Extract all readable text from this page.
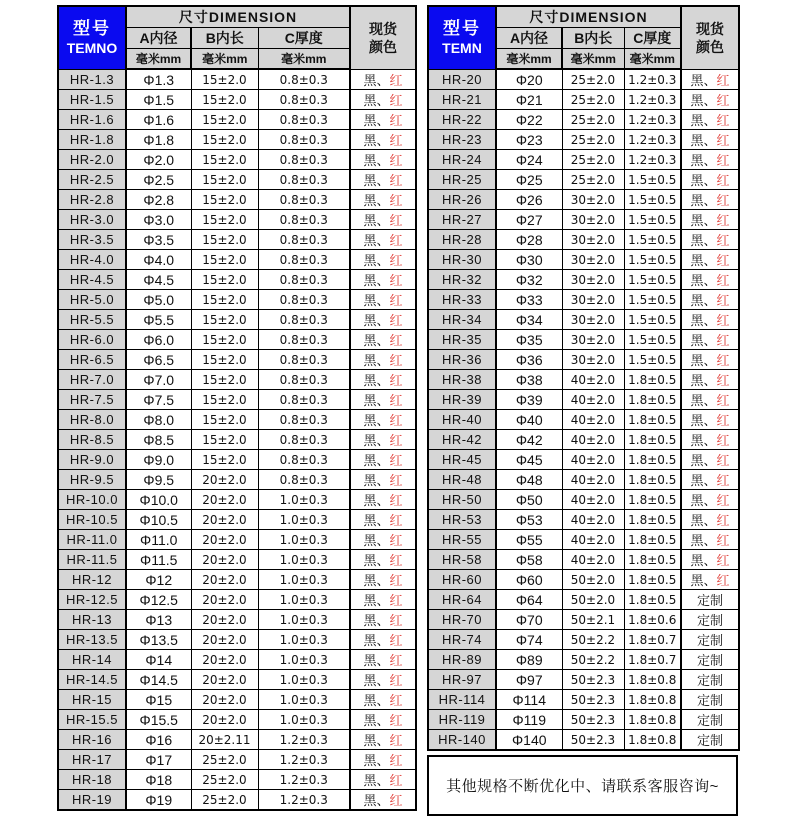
型号
TEMNO	尺寸DIMENSION			现货
颜色

	A内径	B内长	C厚度	
	毫米mm	毫米mm	毫米mm	
HR-1.3	Φ1.3	15±2.0	0.8±0.3	黑、红
HR-1.5	Φ1.5	15±2.0	0.8±0.3	黑、红
HR-1.6	Φ1.6	15±2.0	0.8±0.3	黑、红
HR-1.8	Φ1.8	15±2.0	0.8±0.3	黑、红
HR-2.0	Φ2.0	15±2.0	0.8±0.3	黑、红
HR-2.5	Φ2.5	15±2.0	0.8±0.3	黑、红
HR-2.8	Φ2.8	15±2.0	0.8±0.3	黑、红
HR-3.0	Φ3.0	15±2.0	0.8±0.3	黑、红
HR-3.5	Φ3.5	15±2.0	0.8±0.3	黑、红
HR-4.0	Φ4.0	15±2.0	0.8±0.3	黑、红
HR-4.5	Φ4.5	15±2.0	0.8±0.3	黑、红
HR-5.0	Φ5.0	15±2.0	0.8±0.3	黑、红
HR-5.5	Φ5.5	15±2.0	0.8±0.3	黑、红
HR-6.0	Φ6.0	15±2.0	0.8±0.3	黑、红
HR-6.5	Φ6.5	15±2.0	0.8±0.3	黑、红
HR-7.0	Φ7.0	15±2.0	0.8±0.3	黑、红
HR-7.5	Φ7.5	15±2.0	0.8±0.3	黑、红
HR-8.0	Φ8.0	15±2.0	0.8±0.3	黑、红
HR-8.5	Φ8.5	15±2.0	0.8±0.3	黑、红
HR-9.0	Φ9.0	15±2.0	0.8±0.3	黑、红
HR-9.5	Φ9.5	20±2.0	0.8±0.3	黑、红
HR-10.0	Φ10.0	20±2.0	1.0±0.3	黑、红
HR-10.5	Φ10.5	20±2.0	1.0±0.3	黑、红
HR-11.0	Φ11.0	20±2.0	1.0±0.3	黑、红
HR-11.5	Φ11.5	20±2.0	1.0±0.3	黑、红
HR-12	Φ12	20±2.0	1.0±0.3	黑、红
HR-12.5	Φ12.5	20±2.0	1.0±0.3	黑、红
HR-13	Φ13	20±2.0	1.0±0.3	黑、红
HR-13.5	Φ13.5	20±2.0	1.0±0.3	黑、红
HR-14	Φ14	20±2.0	1.0±0.3	黑、红
HR-14.5	Φ14.5	20±2.0	1.0±0.3	黑、红
HR-15	Φ15	20±2.0	1.0±0.3	黑、红
HR-15.5	Φ15.5	20±2.0	1.0±0.3	黑、红
HR-16	Φ16	20±2.11	1.2±0.3	黑、红
HR-17	Φ17	25±2.0	1.2±0.3	黑、红
HR-18	Φ18	25±2.0	1.2±0.3	黑、红
HR-19	Φ19	25±2.0	1.2±0.3	黑、红
型号
TEMN	尺寸DIMENSION			现货
颜色

	A内径	B内长	C厚度	
	毫米mm	毫米mm	毫米mm	
HR-20	Φ20	25±2.0	1.2±0.3	黑、红
HR-21	Φ21	25±2.0	1.2±0.3	黑、红
HR-22	Φ22	25±2.0	1.2±0.3	黑、红
HR-23	Φ23	25±2.0	1.2±0.3	黑、红
HR-24	Φ24	25±2.0	1.2±0.3	黑、红
HR-25	Φ25	25±2.0	1.5±0.5	黑、红
HR-26	Φ26	30±2.0	1.5±0.5	黑、红
HR-27	Φ27	30±2.0	1.5±0.5	黑、红
HR-28	Φ28	30±2.0	1.5±0.5	黑、红
HR-30	Φ30	30±2.0	1.5±0.5	黑、红
HR-32	Φ32	30±2.0	1.5±0.5	黑、红
HR-33	Φ33	30±2.0	1.5±0.5	黑、红
HR-34	Φ34	30±2.0	1.5±0.5	黑、红
HR-35	Φ35	30±2.0	1.5±0.5	黑、红
HR-36	Φ36	30±2.0	1.5±0.5	黑、红
HR-38	Φ38	40±2.0	1.8±0.5	黑、红
HR-39	Φ39	40±2.0	1.8±0.5	黑、红
HR-40	Φ40	40±2.0	1.8±0.5	黑、红
HR-42	Φ42	40±2.0	1.8±0.5	黑、红
HR-45	Φ45	40±2.0	1.8±0.5	黑、红
HR-48	Φ48	40±2.0	1.8±0.5	黑、红
HR-50	Φ50	40±2.0	1.8±0.5	黑、红
HR-53	Φ53	40±2.0	1.8±0.5	黑、红
HR-55	Φ55	40±2.0	1.8±0.5	黑、红
HR-58	Φ58	40±2.0	1.8±0.5	黑、红
HR-60	Φ60	50±2.0	1.8±0.5	黑、红
HR-64	Φ64	50±2.0	1.8±0.5	定制
HR-70	Φ70	50±2.1	1.8±0.6	定制
HR-74	Φ74	50±2.2	1.8±0.7	定制
HR-89	Φ89	50±2.2	1.8±0.7	定制
HR-97	Φ97	50±2.3	1.8±0.8	定制
HR-114	Φ114	50±2.3	1.8±0.8	定制
HR-119	Φ119	50±2.3	1.8±0.8	定制
HR-140	Φ140	50±2.3	1.8±0.8	定制
其他规格不断优化中、请联系客服咨询~
